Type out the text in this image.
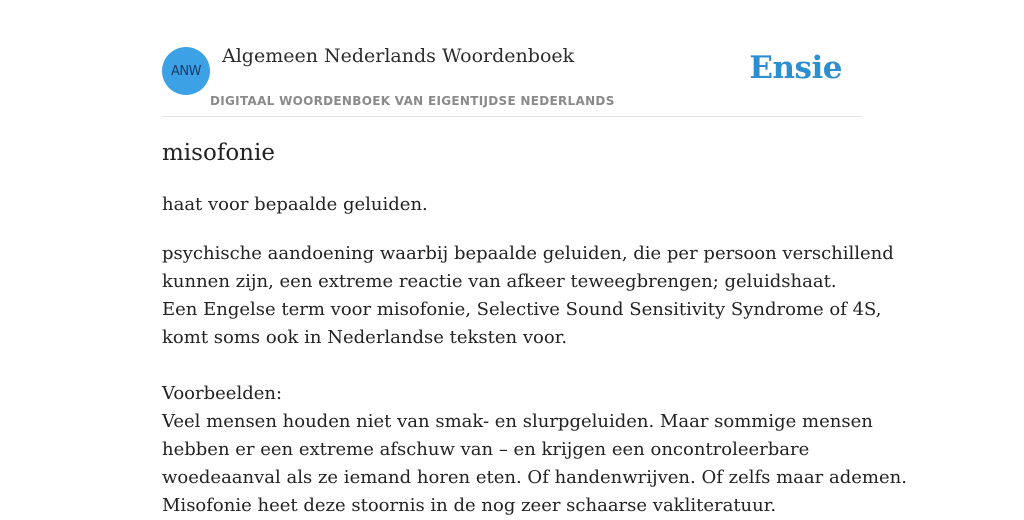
ANW
Algemeen Nederlands Woordenboek
DIGITAAL WOORDENBOEK VAN EIGENTIJDSE NEDERLANDS
Ensie
misofonie
haat voor bepaalde geluiden.

psychische aandoening waarbij bepaalde geluiden, die per persoon verschillend

kunnen zijn, een extreme reactie van afkeer teweegbrengen; geluidshaat.

Een Engelse term voor misofonie, Selective Sound Sensitivity Syndrome of 4S,

komt soms ook in Nederlandse teksten voor.

Voorbeelden:

Veel mensen houden niet van smak- en slurpgeluiden. Maar sommige mensen

hebben er een extreme afschuw van – en krijgen een oncontroleerbare

woedeaanval als ze iemand horen eten. Of handenwrijven. Of zelfs maar ademen.

Misofonie heet deze stoornis in de nog zeer schaarse vakliteratuur.
